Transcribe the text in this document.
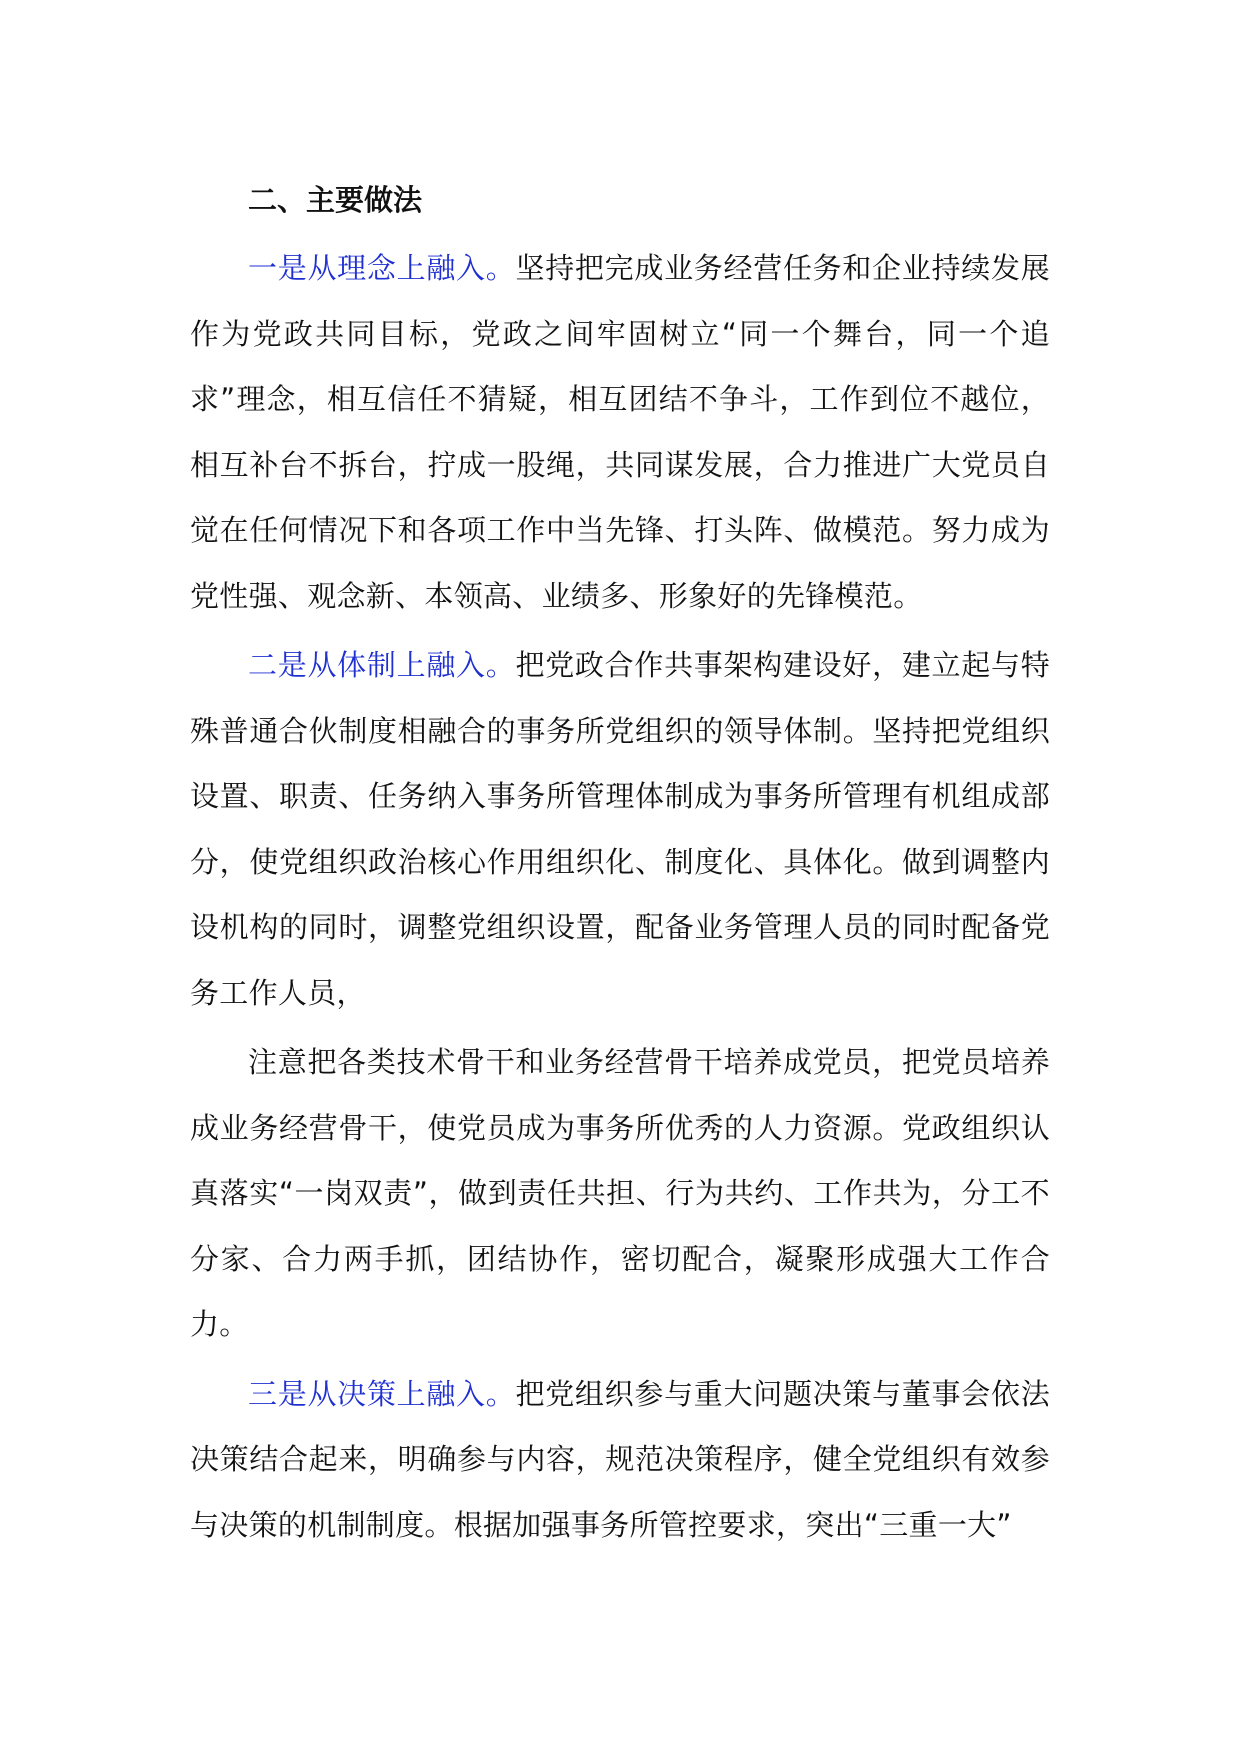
二、主要做法

一是从理念上融入。坚持把完成业务经营任务和企业持续发展作为党政共同目标，党政之间牢固树立“同一个舞台，同一个追求”理念，相互信任不猜疑，相互团结不争斗，工作到位不越位，相互补台不拆台，拧成一股绳，共同谋发展，合力推进广大党员自觉在任何情况下和各项工作中当先锋、打头阵、做模范。努力成为党性强、观念新、本领高、业绩多、形象好的先锋模范。

二是从体制上融入。把党政合作共事架构建设好，建立起与特殊普通合伙制度相融合的事务所党组织的领导体制。坚持把党组织设置、职责、任务纳入事务所管理体制成为事务所管理有机组成部分，使党组织政治核心作用组织化、制度化、具体化。做到调整内设机构的同时，调整党组织设置，配备业务管理人员的同时配备党务工作人员，

注意把各类技术骨干和业务经营骨干培养成党员，把党员培养成业务经营骨干，使党员成为事务所优秀的人力资源。党政组织认真落实“一岗双责”，做到责任共担、行为共约、工作共为，分工不分家、合力两手抓，团结协作，密切配合，凝聚形成强大工作合力。

三是从决策上融入。把党组织参与重大问题决策与董事会依法决策结合起来，明确参与内容，规范决策程序，健全党组织有效参与决策的机制制度。根据加强事务所管控要求，突出“三重一大”
